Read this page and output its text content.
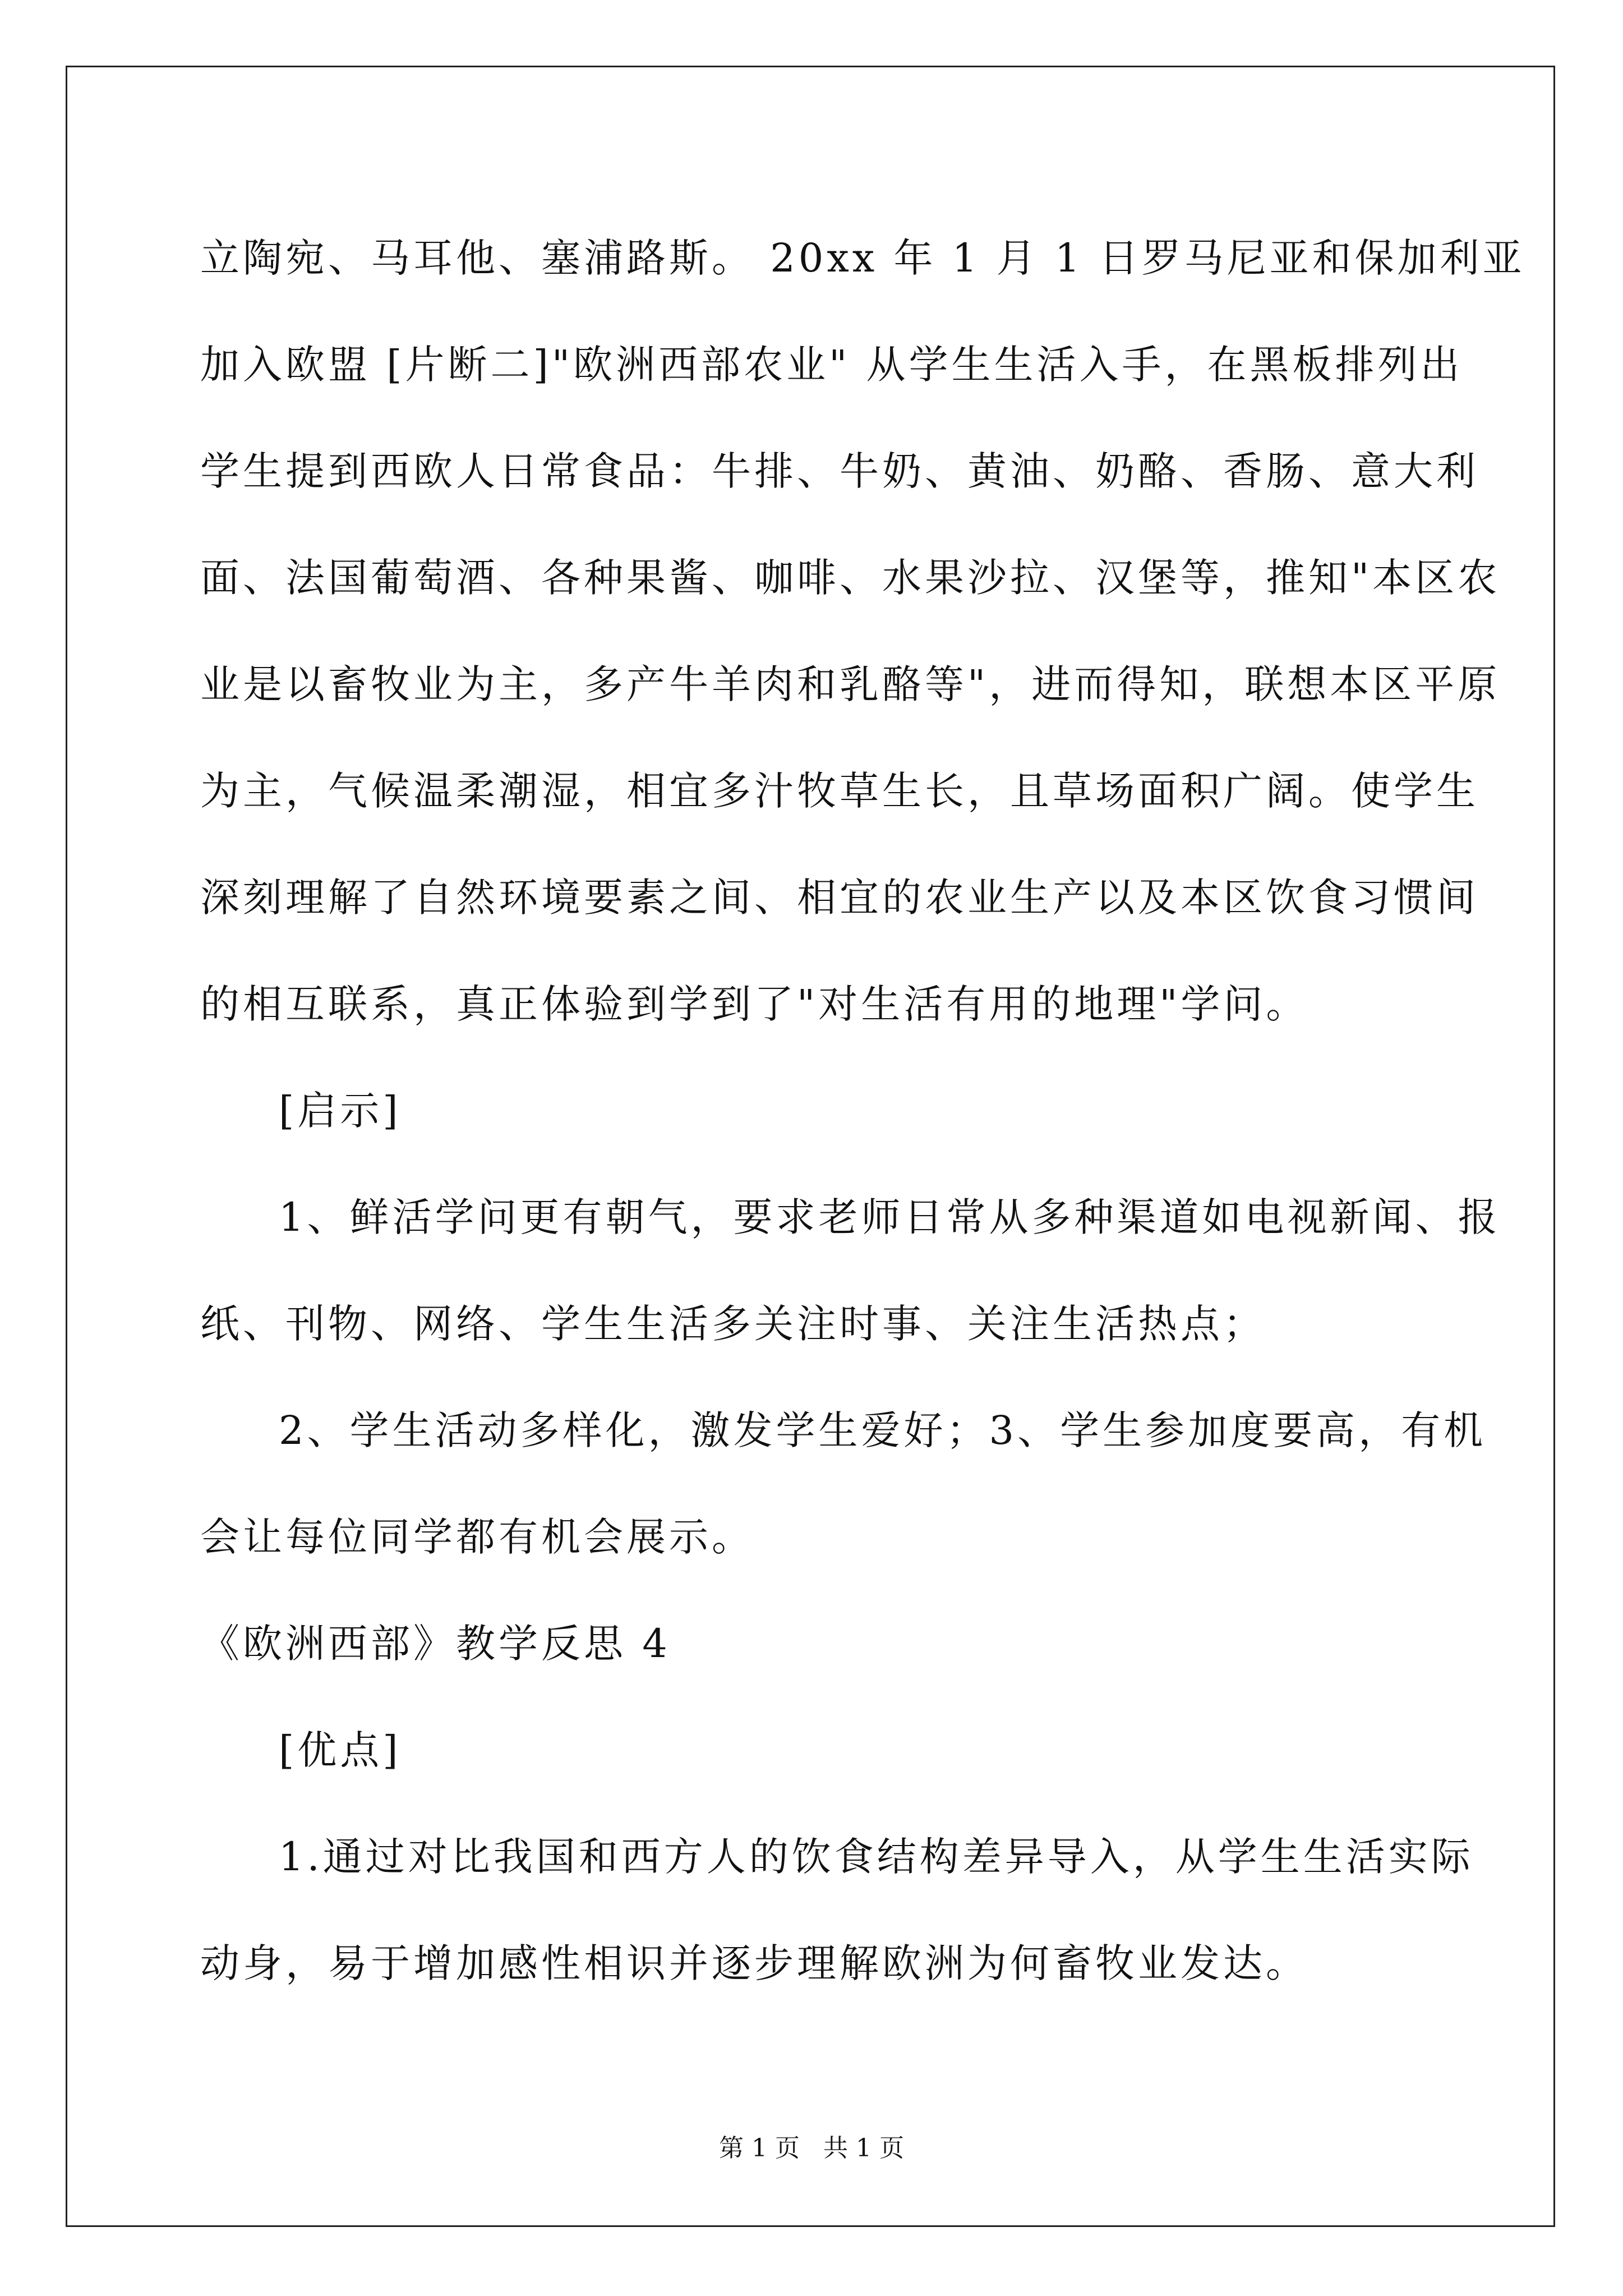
立陶宛、马耳他、塞浦路斯。 20xx 年 1 月 1 日罗马尼亚和保加利亚
加入欧盟 [片断二]"欧洲西部农业" 从学生生活入手，在黑板排列出
学生提到西欧人日常食品：牛排、牛奶、黄油、奶酪、香肠、意大利
面、法国葡萄酒、各种果酱、咖啡、水果沙拉、汉堡等，推知"本区农
业是以畜牧业为主，多产牛羊肉和乳酪等"，进而得知，联想本区平原
为主，气候温柔潮湿，相宜多汁牧草生长，且草场面积广阔。使学生
深刻理解了自然环境要素之间、相宜的农业生产以及本区饮食习惯间
的相互联系，真正体验到学到了"对生活有用的地理"学问。
[启示]
1、鲜活学问更有朝气，要求老师日常从多种渠道如电视新闻、报
纸、刊物、网络、学生生活多关注时事、关注生活热点；
2、学生活动多样化，激发学生爱好；3、学生参加度要高，有机
会让每位同学都有机会展示。
《欧洲西部》教学反思 4
[优点]
1.通过对比我国和西方人的饮食结构差异导入，从学生生活实际
动身，易于增加感性相识并逐步理解欧洲为何畜牧业发达。
第 1 页   共 1 页
